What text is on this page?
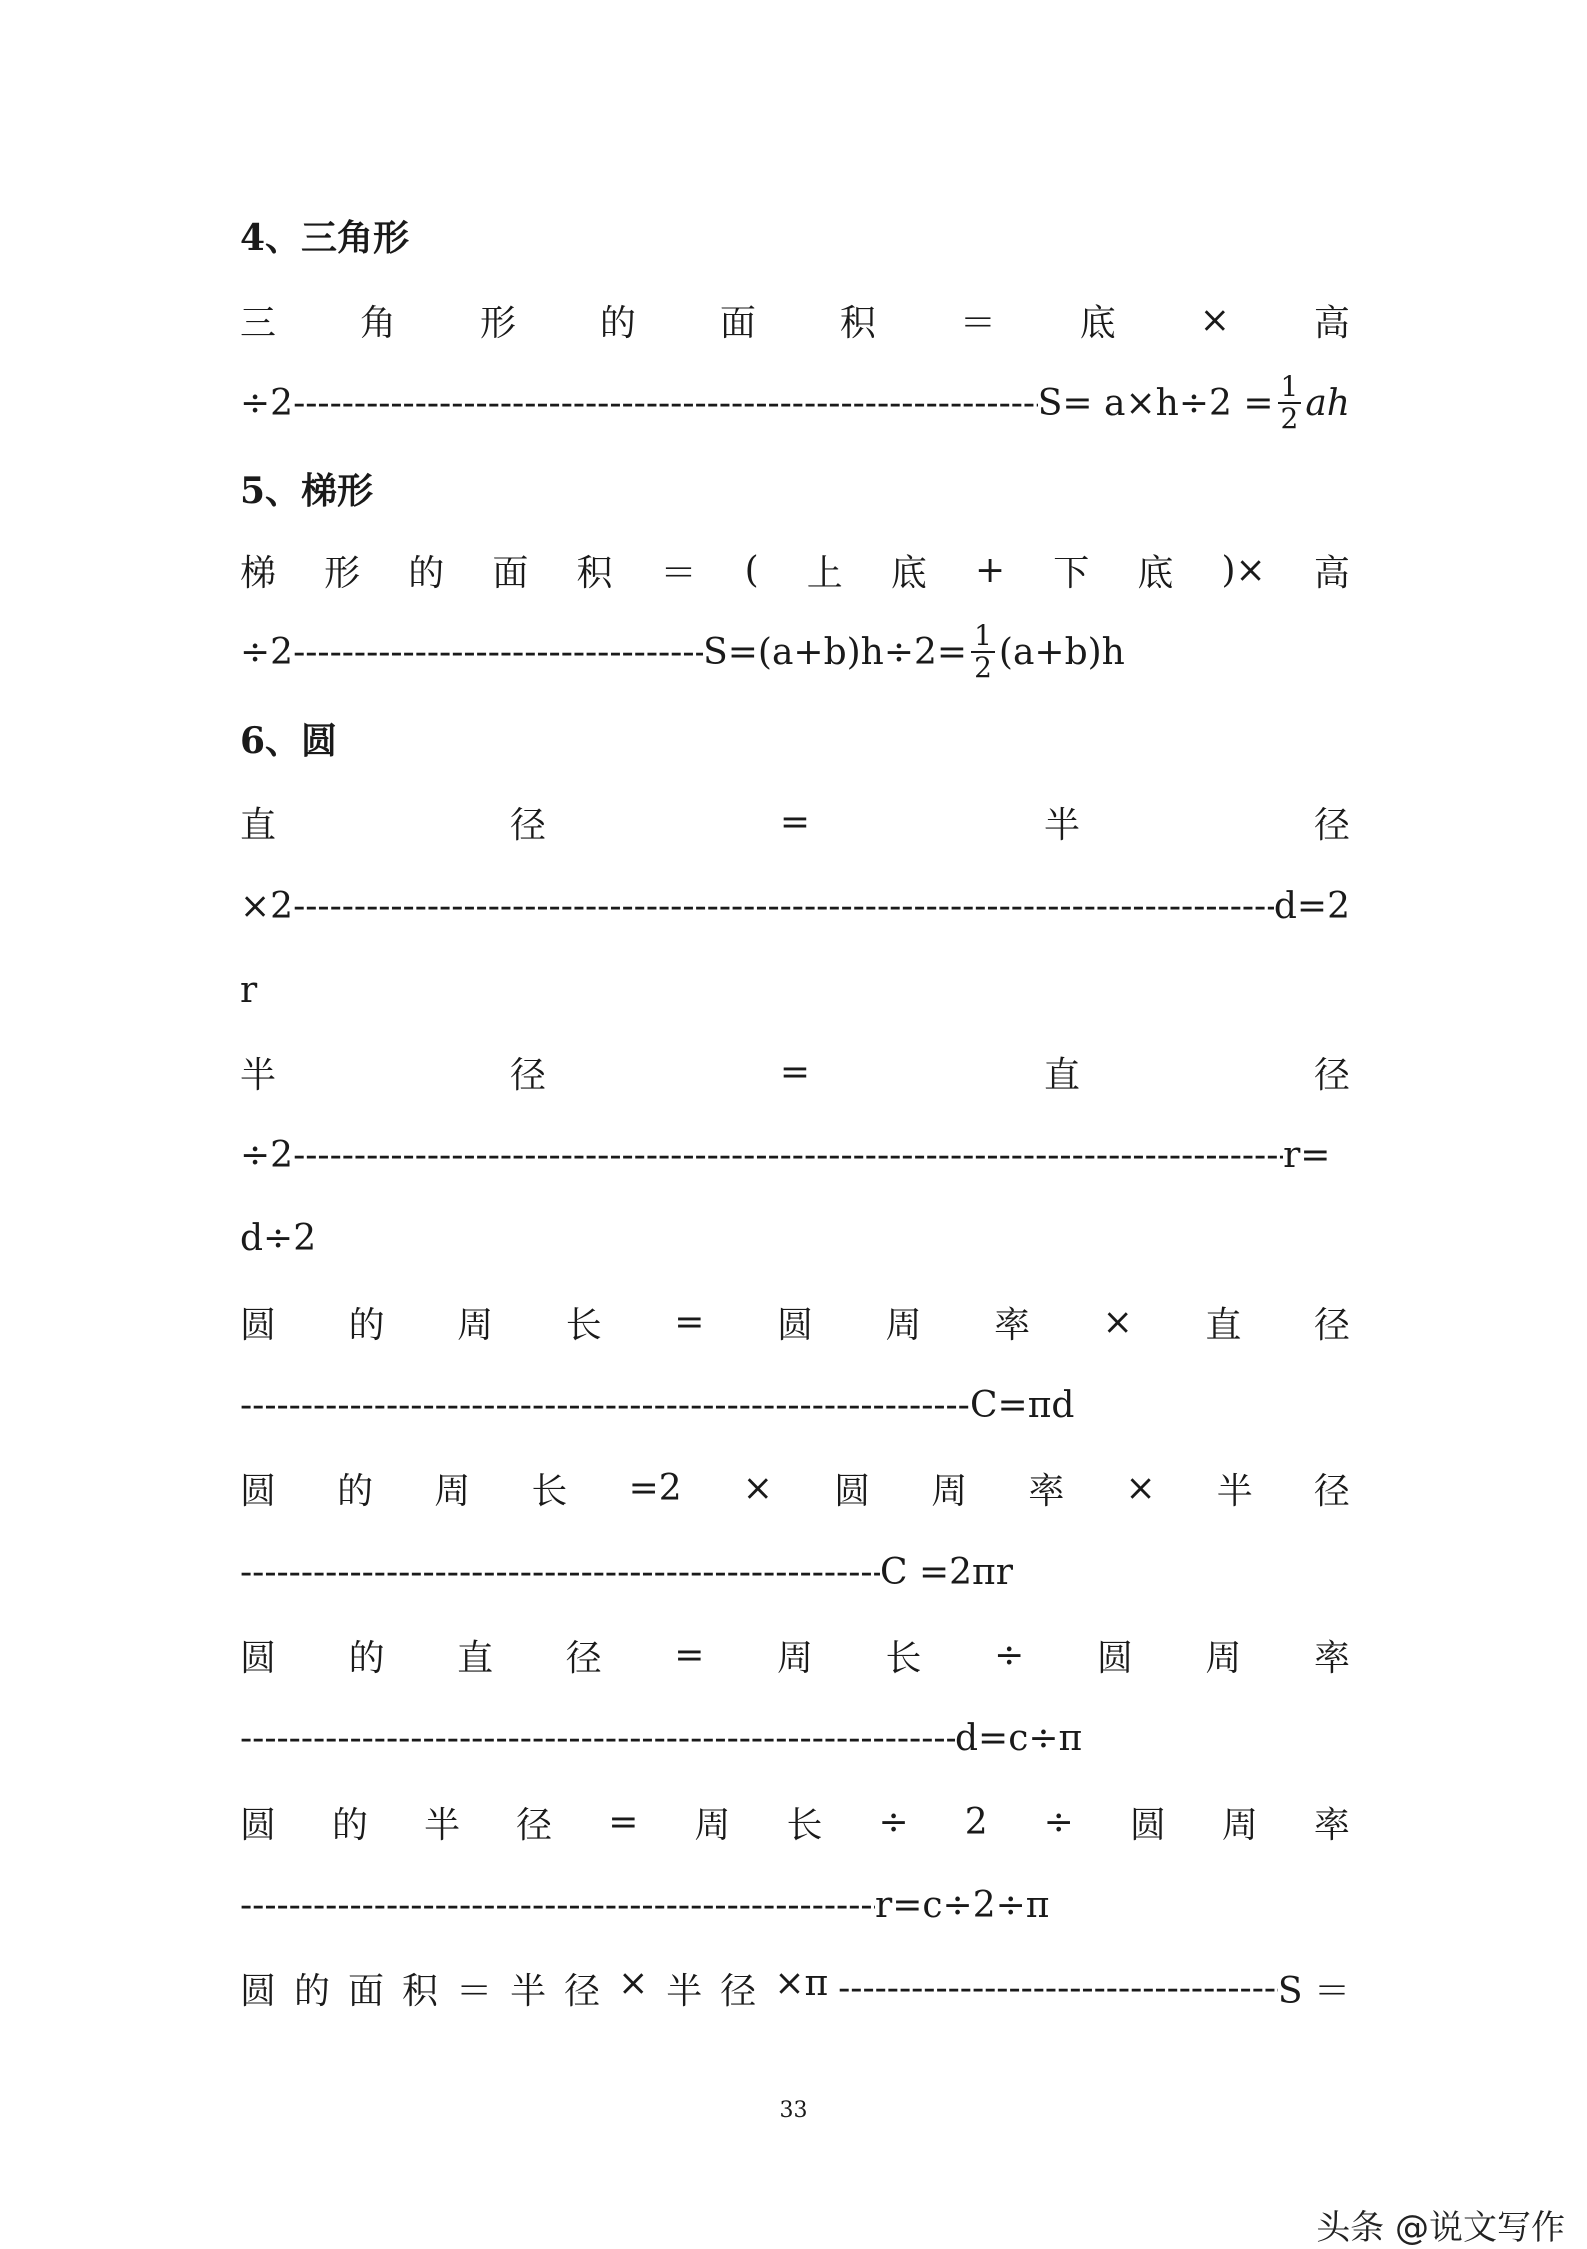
4、三角形
三 角 形 的 面 积 ＝ 底 × 高
÷2 -----	$S= a\times h\div 2 = \frac{1}{2}$ ah
5、梯形
梯 形 的 面 积 ＝ ( 上 底 + 下 底 )× 高
÷2 -----	$S=(a+b)h\div 2= \frac{1}{2} (a+b)h$
6、圆
直	径	=	半	径
×2 -----	d=2
r
半	径	=	直	径
÷2 -----	r=
d÷2
圆 的 周 长 = 圆 周 率 × 直 径
-----
C=πd
圆 的 周 长 =2 × 圆 周 率 × 半 径
-----
C =2πr
圆 的 直 径 = 周 长 ÷ 圆 周 率
-----
d=c÷π
圆 的 半 径 = 周 长 ÷ 2 ÷ 圆 周 率
-----
r=c÷2÷π
圆 的 面 积 ＝ 半 径 × 半 径 ×π -----	S ＝
33
头条 @说文写作
